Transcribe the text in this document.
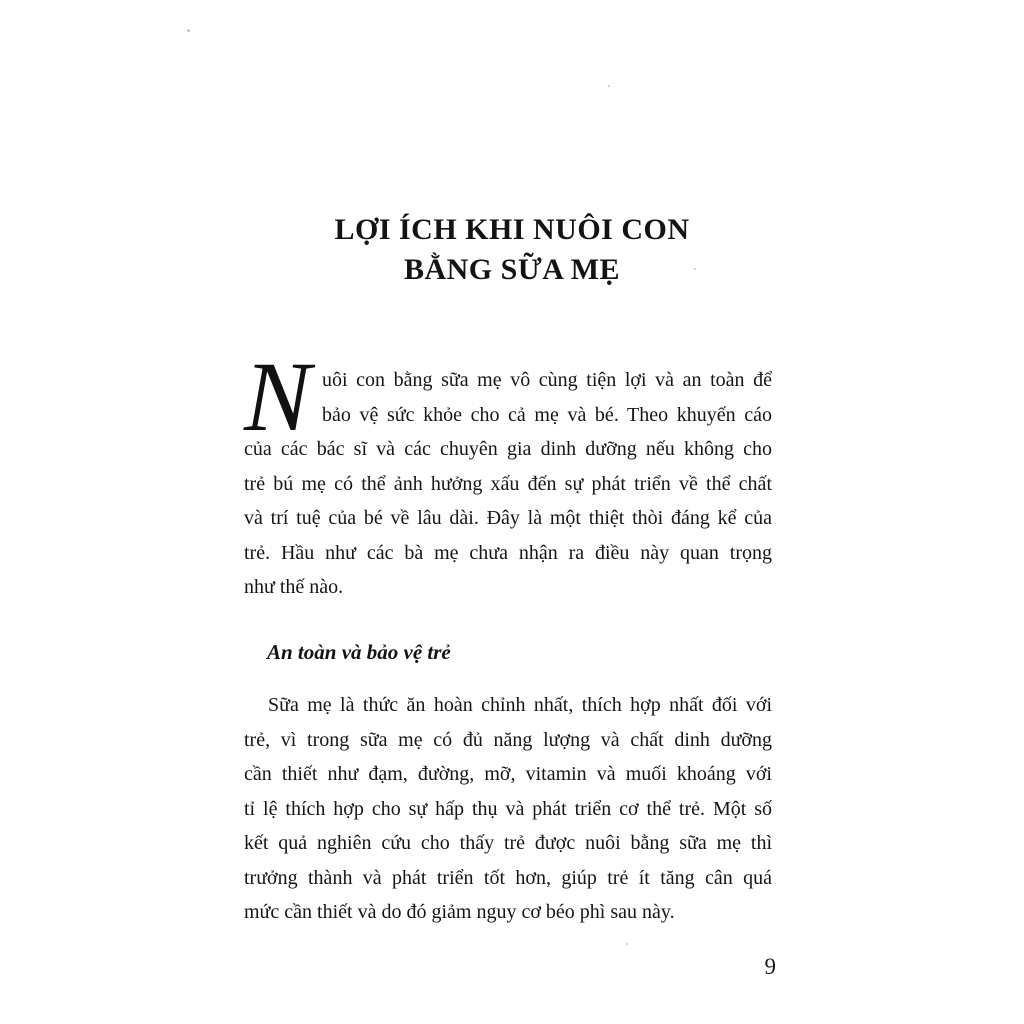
LỢI ÍCH KHI NUÔI CON
BẰNG SỮA MẸ
N uôi con bằng sữa mẹ vô cùng tiện lợi và an toàn để
bảo vệ sức khỏe cho cả mẹ và bé. Theo khuyến cáo
của các bác sĩ và các chuyên gia dinh dưỡng nếu không cho
trẻ bú mẹ có thể ảnh hưởng xấu đến sự phát triển về thể chất
và trí tuệ của bé về lâu dài. Đây là một thiệt thòi đáng kể của
trẻ. Hầu như các bà mẹ chưa nhận ra điều này quan trọng
như thế nào.
An toàn và bảo vệ trẻ
Sữa mẹ là thức ăn hoàn chỉnh nhất, thích hợp nhất đối với
trẻ, vì trong sữa mẹ có đủ năng lượng và chất dinh dưỡng
cần thiết như đạm, đường, mỡ, vitamin và muối khoáng với
tỉ lệ thích hợp cho sự hấp thụ và phát triển cơ thể trẻ. Một số
kết quả nghiên cứu cho thấy trẻ được nuôi bằng sữa mẹ thì
trưởng thành và phát triển tốt hơn, giúp trẻ ít tăng cân quá
mức cần thiết và do đó giảm nguy cơ béo phì sau này.
9
